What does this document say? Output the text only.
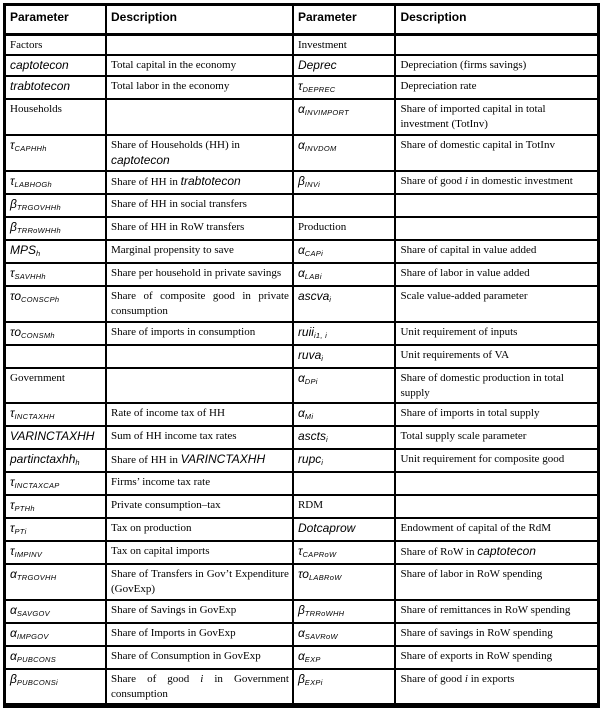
Parameter	Description	Parameter	Description
Factors		Investment	
captotecon	Total capital in the economy	Deprec	Depreciation (firms savings)
trabtotecon	Total labor in the economy	τDEPREC	Depreciation rate
Households		αINVIMPORT	Share of imported capital in total investment (TotInv)
τCAPHHh	Share of Households (HH) in captotecon	αINVDOM	Share of domestic capital in TotInv
τLABHOGh	Share of HH in trabtotecon	βINVi	Share of good i in domestic investment
βTRGOVHHh	Share of HH in social transfers		
βTRRoWHHh	Share of HH in RoW transfers	Production	
MPSh	Marginal propensity to save	αCAPi	Share of capital in value added
τSAVHHh	Share per household in private savings	αLABi	Share of labor in value added
τοCONSCPh	Share of composite good in private consumption	ascvai	Scale value-added parameter
τοCONSMh	Share of imports in consumption	ruiii1, i	Unit requirement of inputs
		ruvai	Unit requirements of VA
Government		αDPi	Share of domestic production in total supply
τINCTAXHH	Rate of income tax of HH	αMi	Share of imports in total supply
VARINCTAXHH	Sum of HH income tax rates	asctsi	Total supply scale parameter
partinctaxhhh	Share of HH in VARINCTAXHH	rupci	Unit requirement for composite good
τINCTAXCAP	Firms’ income tax rate		
τPTHh	Private consumption–tax	RDM	
τPTi	Tax on production	Dotcaprow	Endowment of capital of the RdM
τIMPINV	Tax on capital imports	τCAPRoW	Share of RoW in captotecon
αTRGOVHH	Share of Transfers in Gov’t Expenditure (GovExp)	τοLABRoW	Share of labor in RoW spending
αSAVGOV	Share of Savings in GovExp	βTRRoWHH	Share of remittances in RoW spending
αIMPGOV	Share of Imports in GovExp	αSAVRoW	Share of savings in RoW spending
αPUBCONS	Share of Consumption in GovExp	αEXP	Share of exports in RoW spending
βPUBCONSi	Share of good i in Government consumption	βEXPi	Share of good i in exports
